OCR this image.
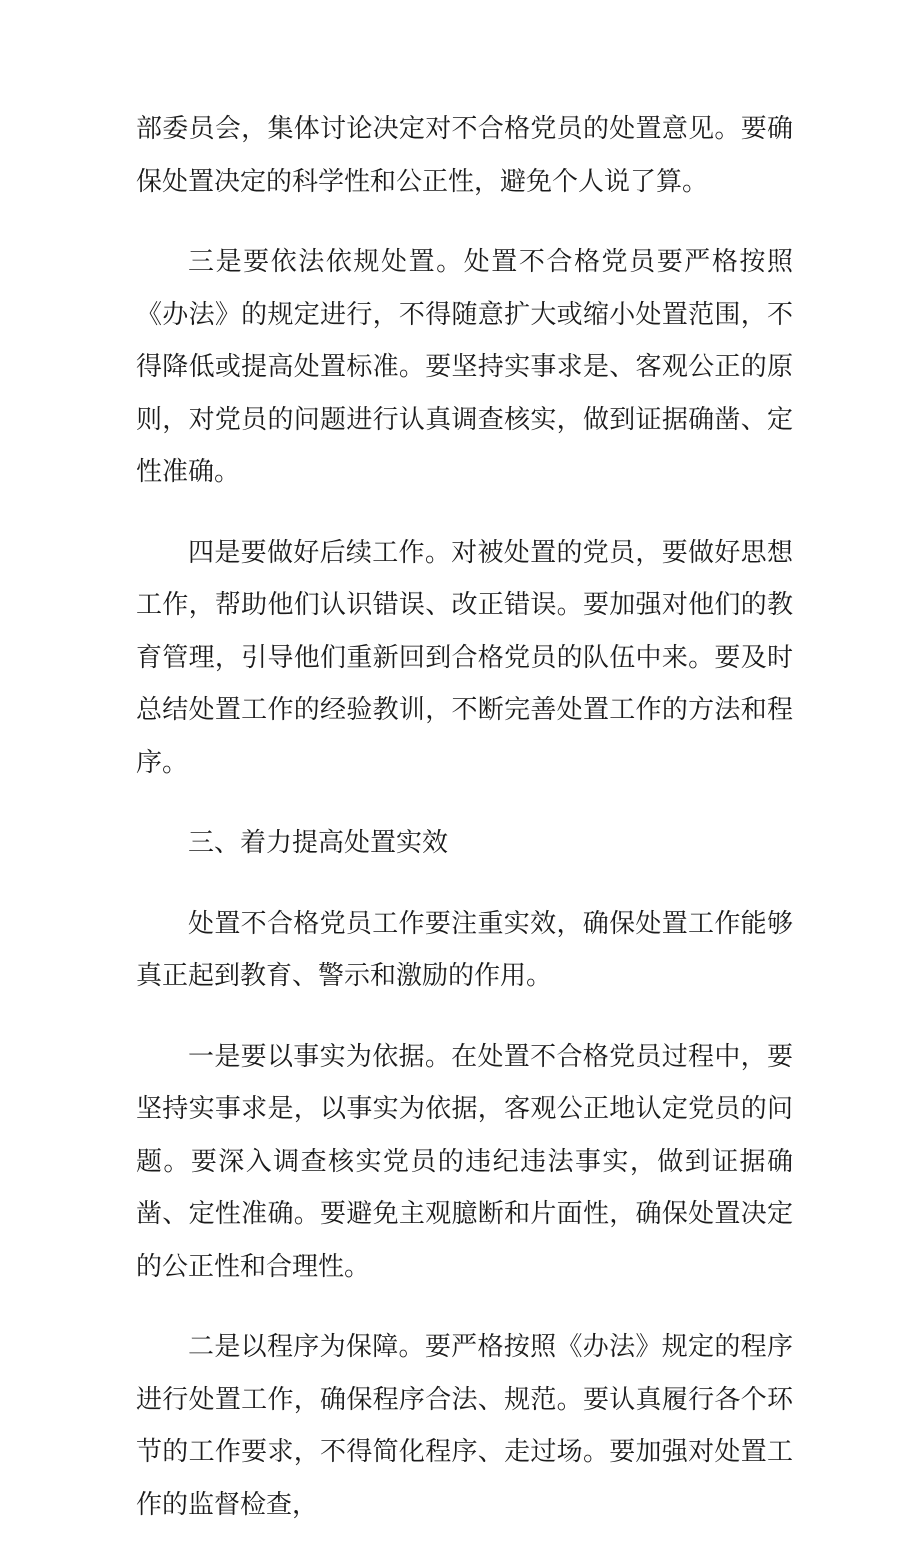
部委员会，集体讨论决定对不合格党员的处置意见。要确保处置决定的科学性和公正性，避免个人说了算。

三是要依法依规处置。处置不合格党员要严格按照《办法》的规定进行，不得随意扩大或缩小处置范围，不得降低或提高处置标准。要坚持实事求是、客观公正的原则，对党员的问题进行认真调查核实，做到证据确凿、定性准确。

四是要做好后续工作。对被处置的党员，要做好思想工作，帮助他们认识错误、改正错误。要加强对他们的教育管理，引导他们重新回到合格党员的队伍中来。要及时总结处置工作的经验教训，不断完善处置工作的方法和程序。

三、着力提高处置实效

处置不合格党员工作要注重实效，确保处置工作能够真正起到教育、警示和激励的作用。

一是要以事实为依据。在处置不合格党员过程中，要坚持实事求是，以事实为依据，客观公正地认定党员的问题。要深入调查核实党员的违纪违法事实，做到证据确凿、定性准确。要避免主观臆断和片面性，确保处置决定的公正性和合理性。

二是以程序为保障。要严格按照《办法》规定的程序进行处置工作，确保程序合法、规范。要认真履行各个环节的工作要求，不得简化程序、走过场。要加强对处置工作的监督检查，
